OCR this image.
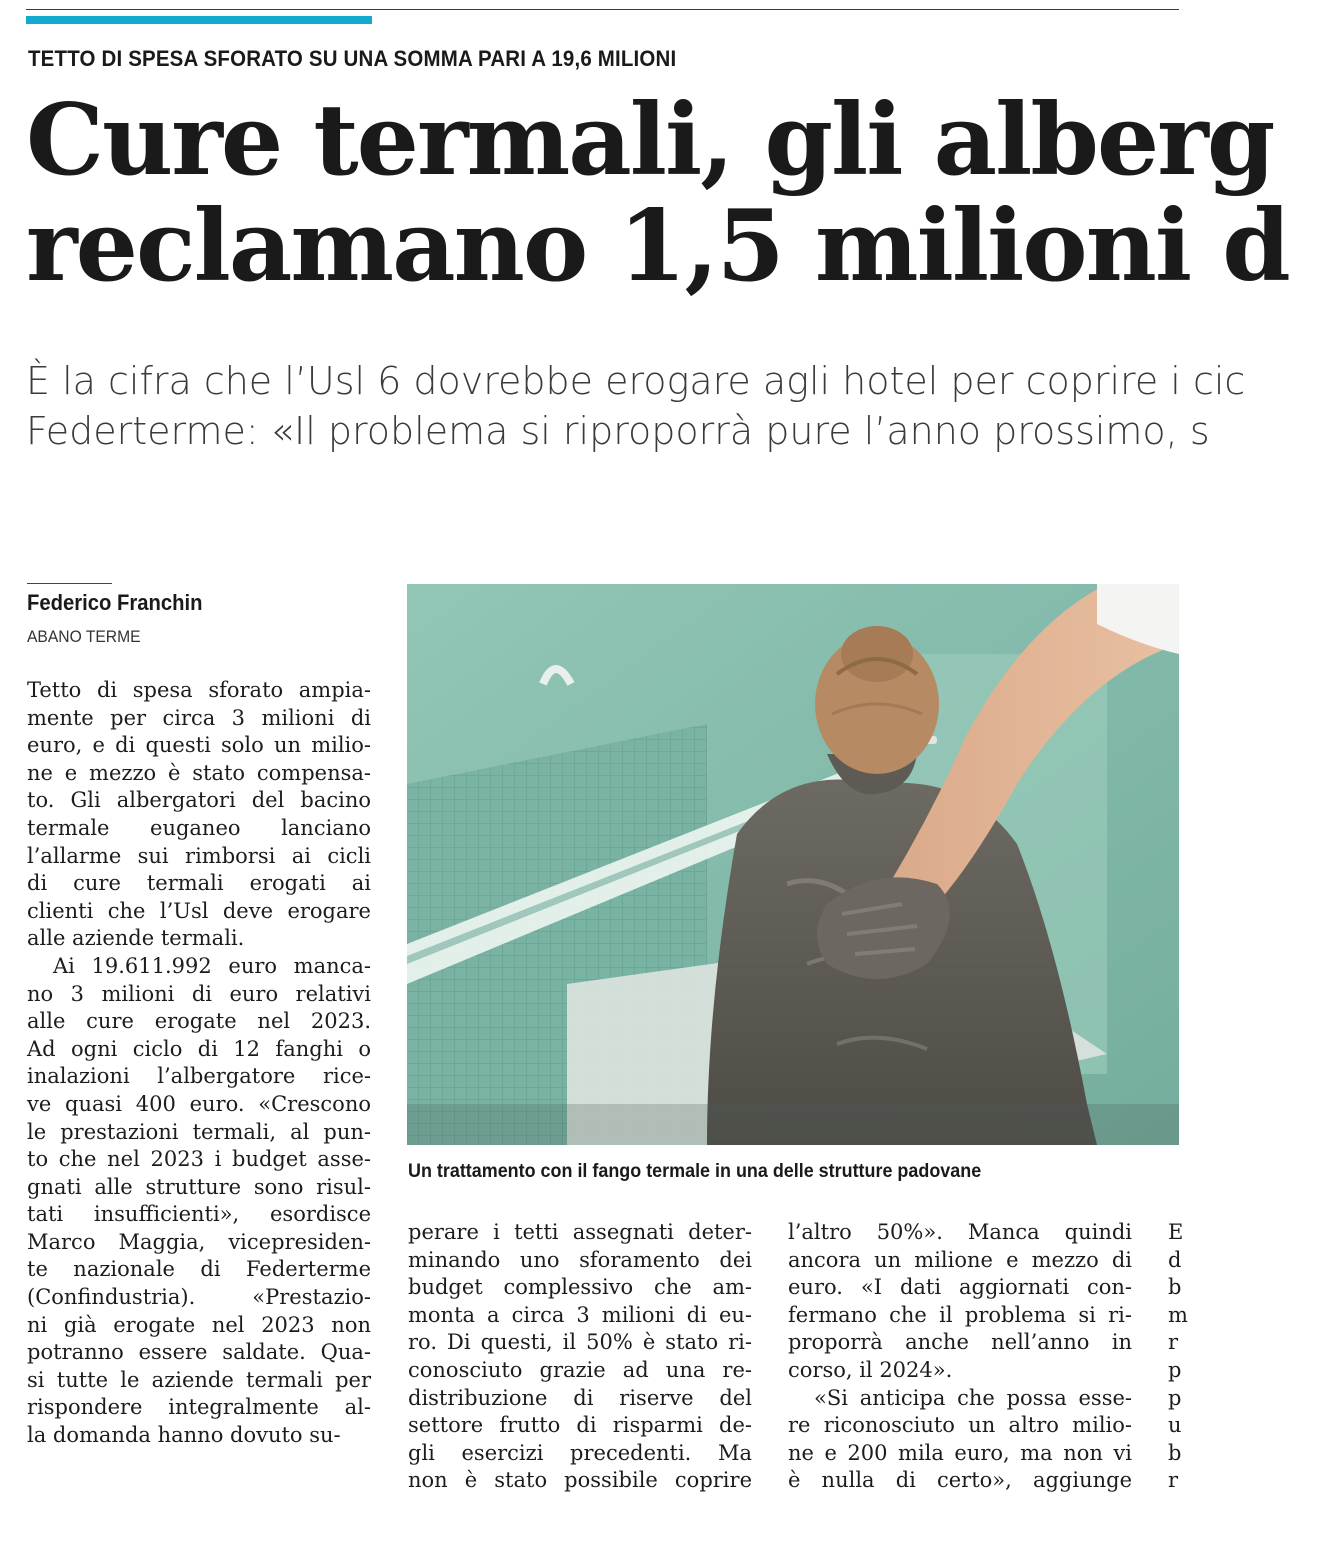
TETTO DI SPESA SFORATO SU UNA SOMMA PARI A 19,6 MILIONI
Cure termali, gli alberg
reclamano 1,5 milioni d
È la cifra che l’Usl 6 dovrebbe erogare agli hotel per coprire i cic
Federterme: «Il problema si riproporrà pure l’anno prossimo, s
Federico Franchin
ABANO TERME
Tetto di spesa sforato ampia-
mente per circa 3 milioni di
euro, e di questi solo un milio-
ne e mezzo è stato compensa-
to. Gli albergatori del bacino
termale euganeo lanciano
l’allarme sui rimborsi ai cicli
di cure termali erogati ai
clienti che l’Usl deve erogare
alle aziende termali.
Ai 19.611.992 euro manca-
no 3 milioni di euro relativi
alle cure erogate nel 2023.
Ad ogni ciclo di 12 fanghi o
inalazioni l’albergatore rice-
ve quasi 400 euro. «Crescono
le prestazioni termali, al pun-
to che nel 2023 i budget asse-
gnati alle strutture sono risul-
tati insufficienti», esordisce
Marco Maggia, vicepresiden-
te nazionale di Federterme
(Confindustria). «Prestazio-
ni già erogate nel 2023 non
potranno essere saldate. Qua-
si tutte le aziende termali per
rispondere integralmente al-
la domanda hanno dovuto su-
perare i tetti assegnati deter-
minando uno sforamento dei
budget complessivo che am-
monta a circa 3 milioni di eu-
ro. Di questi, il 50% è stato ri-
conosciuto grazie ad una re-
distribuzione di riserve del
settore frutto di risparmi de-
gli esercizi precedenti. Ma
non è stato possibile coprire
l’altro 50%». Manca quindi
ancora un milione e mezzo di
euro. «I dati aggiornati con-
fermano che il problema si ri-
proporrà anche nell’anno in
corso, il 2024».
«Si anticipa che possa esse-
re riconosciuto un altro milio-
ne e 200 mila euro, ma non vi
è nulla di certo», aggiunge
E
d
b
m
r
p
p
u
b
r
Un trattamento con il fango termale in una delle strutture padovane
